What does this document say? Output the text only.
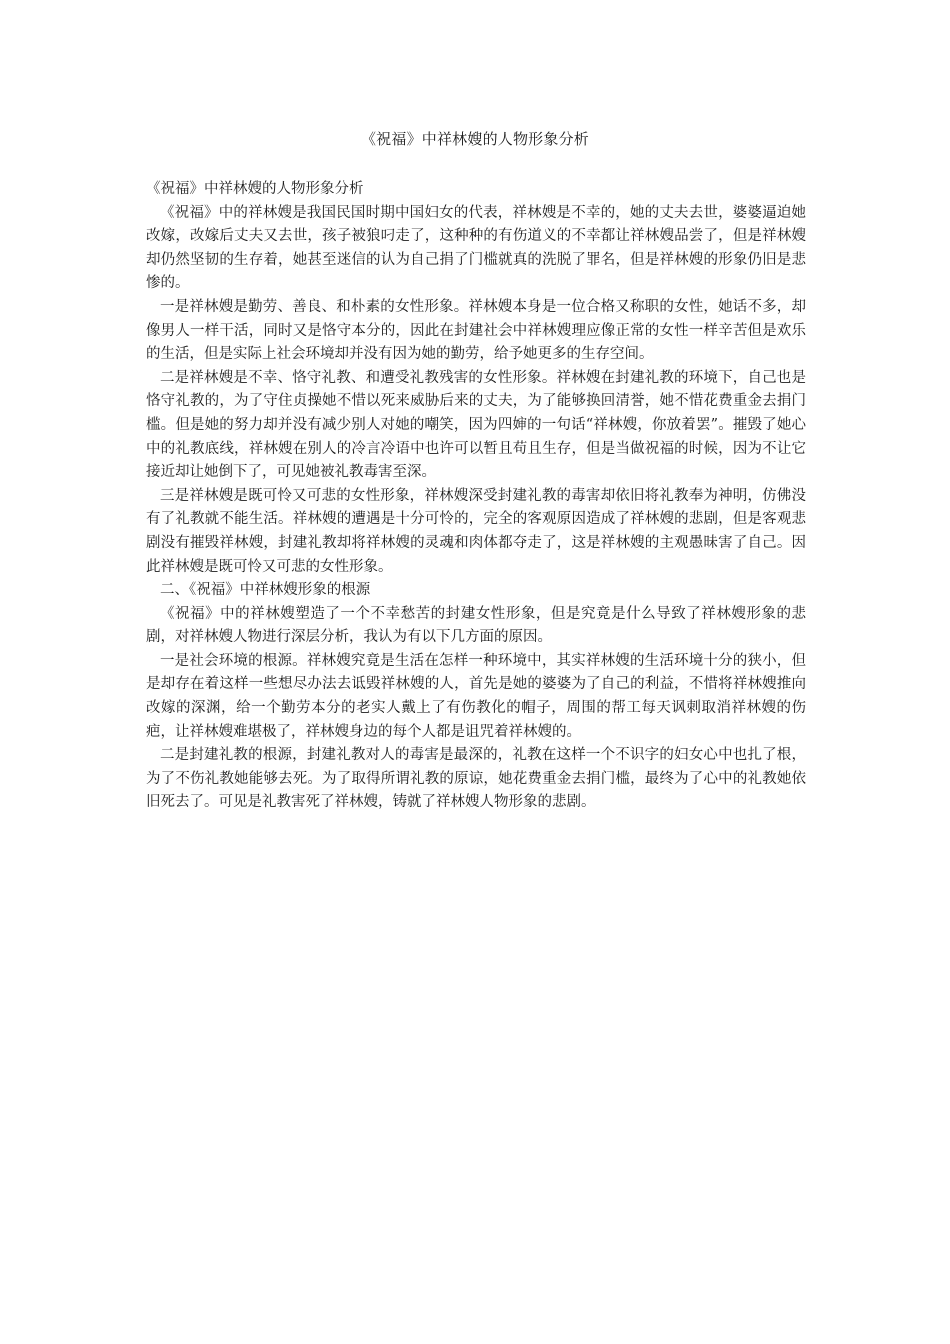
《祝福》中祥林嫂的人物形象分析

《祝福》中祥林嫂的人物形象分析

《祝福》中的祥林嫂是我国民国时期中国妇女的代表，祥林嫂是不幸的，她的丈夫去世，婆婆逼迫她改嫁，改嫁后丈夫又去世，孩子被狼叼走了，这种种的有伤道义的不幸都让祥林嫂品尝了，但是祥林嫂却仍然坚韧的生存着，她甚至迷信的认为自己捐了门槛就真的洗脱了罪名，但是祥林嫂的形象仍旧是悲惨的。

一是祥林嫂是勤劳、善良、和朴素的女性形象。祥林嫂本身是一位合格又称职的女性，她话不多，却像男人一样干活，同时又是恪守本分的，因此在封建社会中祥林嫂理应像正常的女性一样辛苦但是欢乐的生活，但是实际上社会环境却并没有因为她的勤劳，给予她更多的生存空间。

二是祥林嫂是不幸、恪守礼教、和遭受礼教残害的女性形象。祥林嫂在封建礼教的环境下，自己也是恪守礼教的，为了守住贞操她不惜以死来威胁后来的丈夫，为了能够换回清誉，她不惜花费重金去捐门槛。但是她的努力却并没有减少别人对她的嘲笑，因为四婶的一句话“祥林嫂，你放着罢”。摧毁了她心中的礼教底线，祥林嫂在别人的冷言冷语中也许可以暂且苟且生存，但是当做祝福的时候，因为不让它接近却让她倒下了，可见她被礼教毒害至深。

三是祥林嫂是既可怜又可悲的女性形象，祥林嫂深受封建礼教的毒害却依旧将礼教奉为神明，仿佛没有了礼教就不能生活。祥林嫂的遭遇是十分可怜的，完全的客观原因造成了祥林嫂的悲剧，但是客观悲剧没有摧毁祥林嫂，封建礼教却将祥林嫂的灵魂和肉体都夺走了，这是祥林嫂的主观愚昧害了自己。因此祥林嫂是既可怜又可悲的女性形象。

二、《祝福》中祥林嫂形象的根源

《祝福》中的祥林嫂塑造了一个不幸愁苦的封建女性形象，但是究竟是什么导致了祥林嫂形象的悲剧，对祥林嫂人物进行深层分析，我认为有以下几方面的原因。

一是社会环境的根源。祥林嫂究竟是生活在怎样一种环境中，其实祥林嫂的生活环境十分的狭小，但是却存在着这样一些想尽办法去诋毁祥林嫂的人，首先是她的婆婆为了自己的利益，不惜将祥林嫂推向改嫁的深渊，给一个勤劳本分的老实人戴上了有伤教化的帽子，周围的帮工每天讽刺取消祥林嫂的伤疤，让祥林嫂难堪极了，祥林嫂身边的每个人都是诅咒着祥林嫂的。

二是封建礼教的根源，封建礼教对人的毒害是最深的，礼教在这样一个不识字的妇女心中也扎了根，为了不伤礼教她能够去死。为了取得所谓礼教的原谅，她花费重金去捐门槛，最终为了心中的礼教她依旧死去了。可见是礼教害死了祥林嫂，铸就了祥林嫂人物形象的悲剧。
